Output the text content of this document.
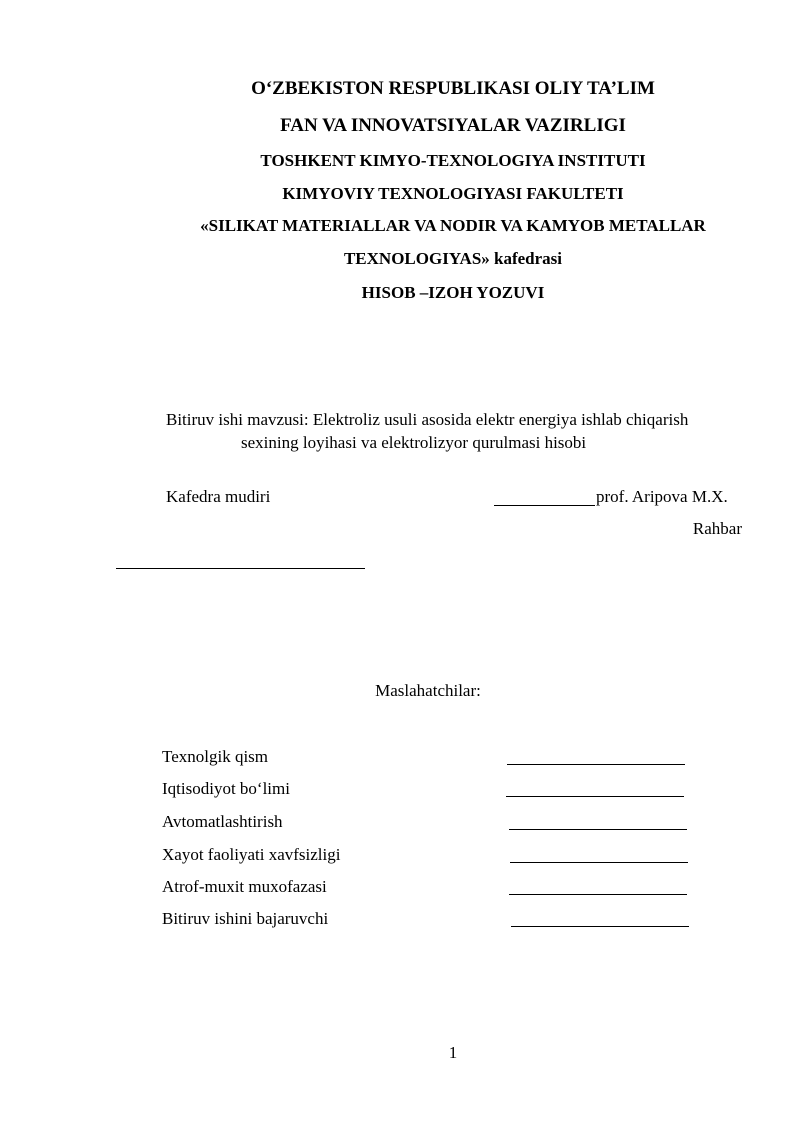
O‘ZBEKISTON RESPUBLIKASI OLIY TA’LIM
FAN VA INNOVATSIYALAR VAZIRLIGI
TOSHKENT KIMYO-TEXNOLOGIYA INSTITUTI
KIMYOVIY TEXNOLOGIYASI FAKULTETI
«SILIKAT MATERIALLAR VA NODIR VA KAMYOB METALLAR
TEXNOLOGIYAS» kafedrasi
HISOB –IZOH YOZUVI
Bitiruv ishi mavzusi: Elektroliz usuli asosida elektr energiya ishlab chiqarish
sexining loyihasi va elektrolizyor qurulmasi hisobi
Kafedra mudiri	prof. Aripova M.X.
Rahbar
Maslahatchilar:
Texnolgik qism
Iqtisodiyot bo‘limi
Avtomatlashtirish
Xayot faoliyati xavfsizligi
Atrof-muxit muxofazasi
Bitiruv ishini bajaruvchi
1
